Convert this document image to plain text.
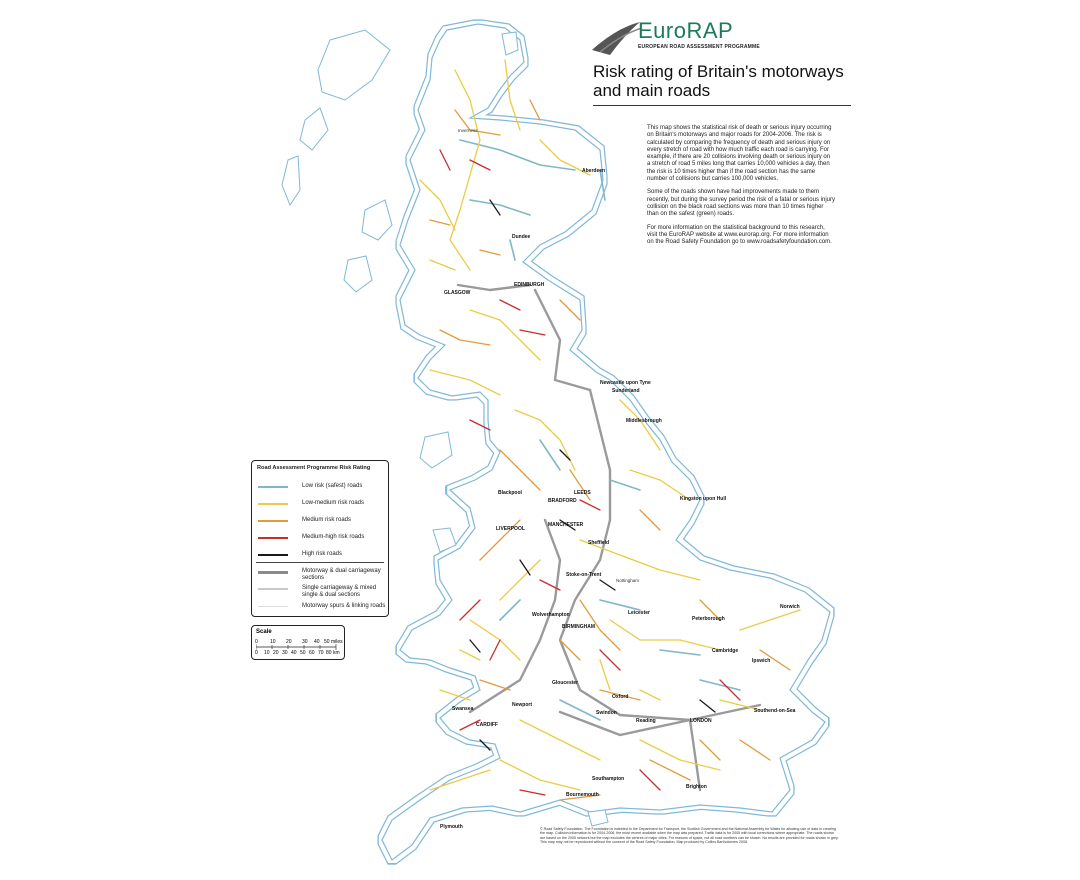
EuroRAP
EUROPEAN ROAD ASSESSMENT PROGRAMME
Risk rating of Britain's motorways and main roads

This map shows the statistical risk of death or serious injury occurring on Britain's motorways and major roads for 2004-2006. The risk is calculated by comparing the frequency of death and serious injury on every stretch of road with how much traffic each road is carrying. For example, if there are 20 collisions involving death or serious injury on a stretch of road 5 miles long that carries 10,000 vehicles a day, then the risk is 10 times higher than if the road section has the same number of collisions but carries 100,000 vehicles.

Some of the roads shown have had improvements made to them recently, but during the survey period the risk of a fatal or serious injury collision on the black road sections was more than 10 times higher than on the safest (green) roads.

For more information on the statistical background to this research, visit the EuroRAP website at www.eurorap.org. For more information on the Road Safety Foundation go to www.roadsafetyfoundation.com.

Road Assessment Programme Risk Rating
Low risk (safest) roads
Low-medium risk roads
Medium risk roads
Medium-high risk roads
High risk roads
Motorway & dual carriageway sections
Single carriageway & mixed single & dual sections
Motorway spurs & linking roads
Scale
0 10 20 30 40 50 miles
0 10 20 30 40 50 60 70 80 km
Aberdeen
Inverness
Dundee
EDINBURGH
GLASGOW
Newcastle upon Tyne
Sunderland
Middlesbrough
Blackpool	LEEDS
BRADFORD
LIVERPOOL
MANCHESTER
Sheffield
Kingston upon Hull
Stoke-on-Trent
Nottingham
Wolverhampton
BIRMINGHAM
Leicester
Peterborough
Norwich
Cambridge
Ipswich
Swansea
CARDIFF
Newport
Gloucester
Oxford
Swindon
Reading	LONDON
Southend-on-Sea
Southampton
Bournemouth
Brighton
Plymouth	© Road Safety Foundation. The Foundation is indebted to the Department for Transport, the Scottish Government and the National Assembly for Wales for allowing use of data in creating the map. Collision information is for 2004-2006, the most recent available when the map was prepared. Traffic data is for 2005 with local corrections where appropriate. The roads shown are based on the 2005 network but the map excludes the centres of major cities. For reasons of space, not all road numbers can be shown. No results are provided for roads shown in grey. This map may not be reproduced without the consent of the Road Safety Foundation. Map produced by Collins Bartholomew 2008.
